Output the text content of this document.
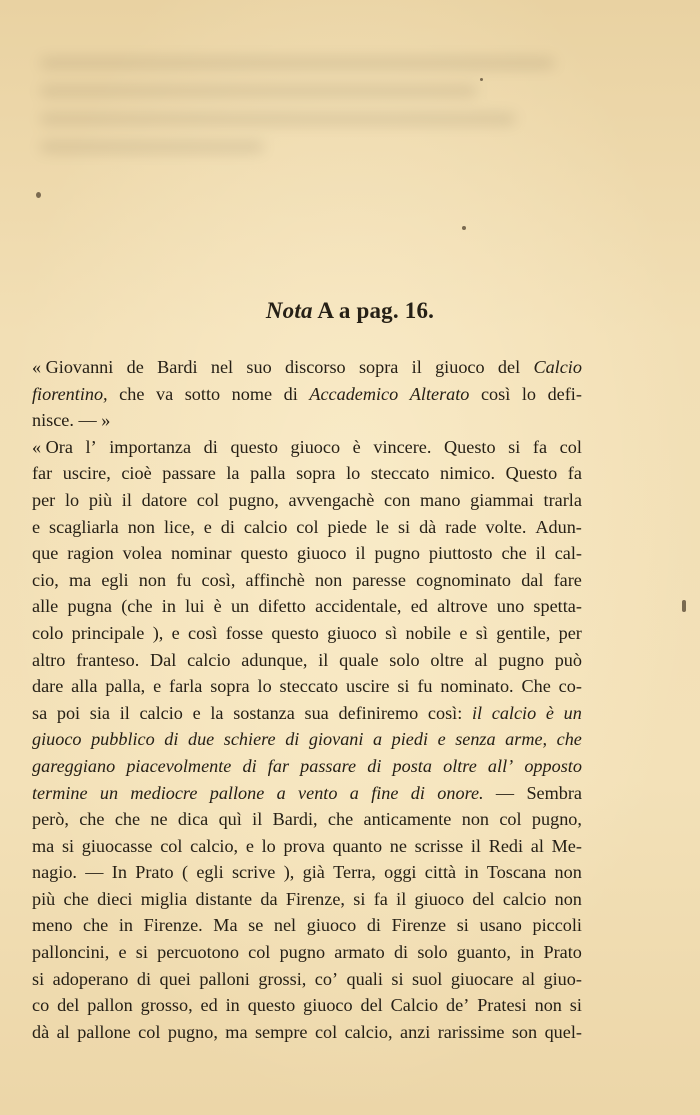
Nota A a pag. 16.
« Giovanni de Bardi nel suo discorso sopra il giuoco del Calcio
fiorentino, che va sotto nome di Accademico Alterato così lo defi-
nisce. — »
« Ora l’ importanza di questo giuoco è vincere. Questo si fa col
far uscire, cioè passare la palla sopra lo steccato nimico. Questo fa
per lo più il datore col pugno, avvengachè con mano giammai trarla
e scagliarla non lice, e di calcio col piede le si dà rade volte. Adun-
que ragion volea nominar questo giuoco il pugno piuttosto che il cal-
cio, ma egli non fu così, affinchè non paresse cognominato dal fare
alle pugna (che in lui è un difetto accidentale, ed altrove uno spetta-
colo principale ), e così fosse questo giuoco sì nobile e sì gentile, per
altro franteso. Dal calcio adunque, il quale solo oltre al pugno può
dare alla palla, e farla sopra lo steccato uscire si fu nominato. Che co-
sa poi sia il calcio e la sostanza sua definiremo così: il calcio è un
giuoco pubblico di due schiere di giovani a piedi e senza arme, che
gareggiano piacevolmente di far passare di posta oltre all’ opposto
termine un mediocre pallone a vento a fine di onore. — Sembra
però, che che ne dica quì il Bardi, che anticamente non col pugno,
ma si giuocasse col calcio, e lo prova quanto ne scrisse il Redi al Me-
nagio. — In Prato ( egli scrive ), già Terra, oggi città in Toscana non
più che dieci miglia distante da Firenze, si fa il giuoco del calcio non
meno che in Firenze. Ma se nel giuoco di Firenze si usano piccoli
palloncini, e si percuotono col pugno armato di solo guanto, in Prato
si adoperano di quei palloni grossi, co’ quali si suol giuocare al giuo-
co del pallon grosso, ed in questo giuoco del Calcio de’ Pratesi non si
dà al pallone col pugno, ma sempre col calcio, anzi rarissime son quel-
